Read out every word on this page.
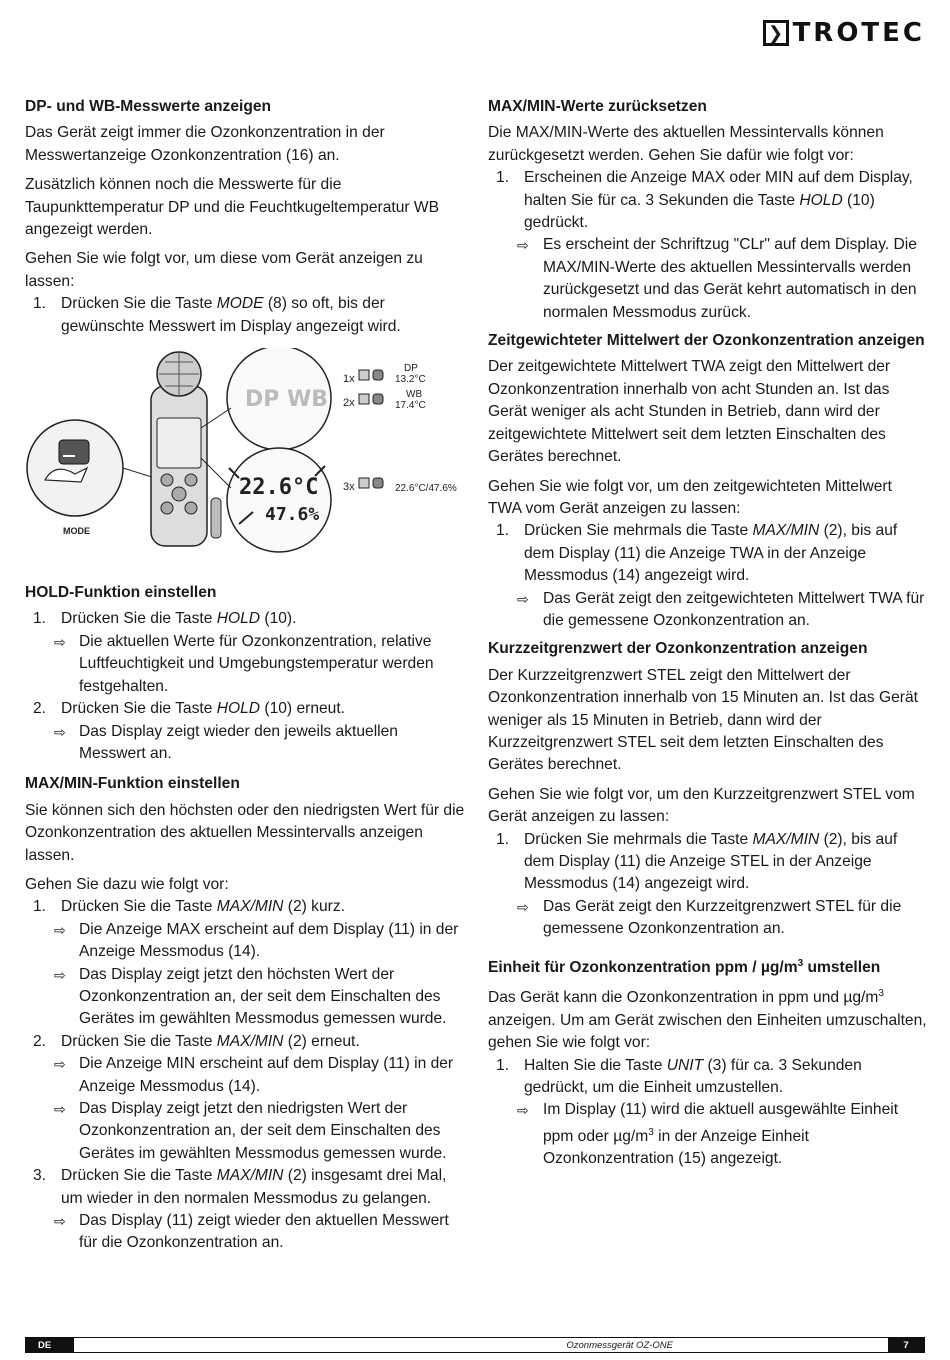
❯ TROTEC
DP- und WB-Messwerte anzeigen

Das Gerät zeigt immer die Ozonkonzentration in der Messwertanzeige Ozonkonzentration (16) an.

Zusätzlich können noch die Messwerte für die Taupunkttemperatur DP und die Feuchtkugeltemperatur WB angezeigt werden.

Gehen Sie wie folgt vor, um diese vom Gerät anzeigen zu lassen:

1. Drücken Sie die Taste MODE (8) so oft, bis der gewünschte Messwert im Display angezeigt wird.
DP WB
22.6°C
47.6%
MODE
1x
DP
13.2°C
2x
WB
17.4°C
3x	22.6°C/47.6%
HOLD-Funktion einstellen
1. Drücken Sie die Taste HOLD (10).
⇨ Die aktuellen Werte für Ozonkonzentration, relative Luftfeuchtigkeit und Umgebungstemperatur werden festgehalten.
2. Drücken Sie die Taste HOLD (10) erneut.
⇨ Das Display zeigt wieder den jeweils aktuellen Messwert an.
MAX/MIN-Funktion einstellen

Sie können sich den höchsten oder den niedrigsten Wert für die Ozonkonzentration des aktuellen Messintervalls anzeigen lassen.

Gehen Sie dazu wie folgt vor:

1. Drücken Sie die Taste MAX/MIN (2) kurz.
⇨ Die Anzeige MAX erscheint auf dem Display (11) in der Anzeige Messmodus (14).
⇨ Das Display zeigt jetzt den höchsten Wert der Ozonkonzentration an, der seit dem Einschalten des Gerätes im gewählten Messmodus gemessen wurde.
2. Drücken Sie die Taste MAX/MIN (2) erneut.
⇨ Die Anzeige MIN erscheint auf dem Display (11) in der Anzeige Messmodus (14).
⇨ Das Display zeigt jetzt den niedrigsten Wert der Ozonkonzentration an, der seit dem Einschalten des Gerätes im gewählten Messmodus gemessen wurde.
3. Drücken Sie die Taste MAX/MIN (2) insgesamt drei Mal, um wieder in den normalen Messmodus zu gelangen.
⇨ Das Display (11) zeigt wieder den aktuellen Messwert für die Ozonkonzentration an.
MAX/MIN-Werte zurücksetzen

Die MAX/MIN-Werte des aktuellen Messintervalls können zurückgesetzt werden. Gehen Sie dafür wie folgt vor:

1. Erscheinen die Anzeige MAX oder MIN auf dem Display, halten Sie für ca. 3 Sekunden die Taste HOLD (10) gedrückt.
⇨ Es erscheint der Schriftzug "CLr" auf dem Display. Die MAX/MIN-Werte des aktuellen Messintervalls werden zurückgesetzt und das Gerät kehrt automatisch in den normalen Messmodus zurück.
Zeitgewichteter Mittelwert der Ozonkonzentration anzeigen

Der zeitgewichtete Mittelwert TWA zeigt den Mittelwert der Ozonkonzentration innerhalb von acht Stunden an. Ist das Gerät weniger als acht Stunden in Betrieb, dann wird der zeitgewichtete Mittelwert seit dem letzten Einschalten des Gerätes berechnet.

Gehen Sie wie folgt vor, um den zeitgewichteten Mittelwert TWA vom Gerät anzeigen zu lassen:

1. Drücken Sie mehrmals die Taste MAX/MIN (2), bis auf dem Display (11) die Anzeige TWA in der Anzeige Messmodus (14) angezeigt wird.
⇨ Das Gerät zeigt den zeitgewichteten Mittelwert TWA für die gemessene Ozonkonzentration an.
Kurzzeitgrenzwert der Ozonkonzentration anzeigen

Der Kurzzeitgrenzwert STEL zeigt den Mittelwert der Ozonkonzentration innerhalb von 15 Minuten an. Ist das Gerät weniger als 15 Minuten in Betrieb, dann wird der Kurzzeitgrenzwert STEL seit dem letzten Einschalten des Gerätes berechnet.

Gehen Sie wie folgt vor, um den Kurzzeitgrenzwert STEL vom Gerät anzeigen zu lassen:

1. Drücken Sie mehrmals die Taste MAX/MIN (2), bis auf dem Display (11) die Anzeige STEL in der Anzeige Messmodus (14) angezeigt wird.
⇨ Das Gerät zeigt den Kurzzeitgrenzwert STEL für die gemessene Ozonkonzentration an.
Einheit für Ozonkonzentration ppm / $\mu g/m^3$ umstellen

Das Gerät kann die Ozonkonzentration in ppm und $\mu g/m^3$ anzeigen. Um am Gerät zwischen den Einheiten umzuschalten, gehen Sie wie folgt vor:

1. Halten Sie die Taste UNIT (3) für ca. 3 Sekunden gedrückt, um die Einheit umzustellen.
⇨ Im Display (11) wird die aktuell ausgewählte Einheit ppm oder $\mu g/m^3$ in der Anzeige Einheit Ozonkonzentration (15) angezeigt.
DE	Ozonmessgerät OZ-ONE	7
